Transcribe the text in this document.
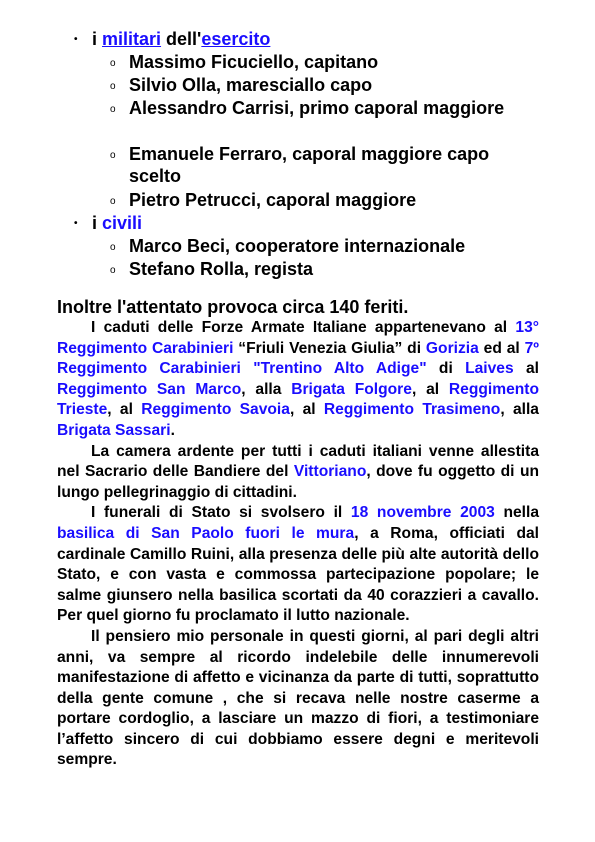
• i militari dell'esercito
o Massimo Ficuciello, capitano
o Silvio Olla, maresciallo capo
o Alessandro Carrisi, primo caporal maggiore
o Emanuele Ferraro, caporal maggiore capo scelto
o Pietro Petrucci, caporal maggiore
• i civili
o Marco Beci, cooperatore internazionale
o Stefano Rolla, regista
Inoltre l'attentato provoca circa 140 feriti.

I caduti delle Forze Armate Italiane appartenevano al 13° Reggimento Carabinieri “Friuli Venezia Giulia” di Gorizia ed al 7º Reggimento Carabinieri "Trentino Alto Adige" di Laives al Reggimento San Marco, alla Brigata Folgore, al Reggimento Trieste, al Reggimento Savoia, al Reggimento Trasimeno, alla Brigata Sassari.

La camera ardente per tutti i caduti italiani venne allestita nel Sacrario delle Bandiere del Vittoriano, dove fu oggetto di un lungo pellegrinaggio di cittadini.

I funerali di Stato si svolsero il 18 novembre 2003 nella basilica di San Paolo fuori le mura, a Roma, officiati dal cardinale Camillo Ruini, alla presenza delle più alte autorità dello Stato, e con vasta e commossa partecipazione popolare; le salme giunsero nella basilica scortati da 40 corazzieri a cavallo. Per quel giorno fu proclamato il lutto nazionale.

Il pensiero mio personale in questi giorni, al pari degli altri anni, va sempre al ricordo indelebile delle innumerevoli manifestazione di affetto e vicinanza da parte di tutti, soprattutto della gente comune , che si recava nelle nostre caserme a portare cordoglio, a lasciare un mazzo di fiori, a testimoniare l’affetto sincero di cui dobbiamo essere degni e meritevoli sempre.
